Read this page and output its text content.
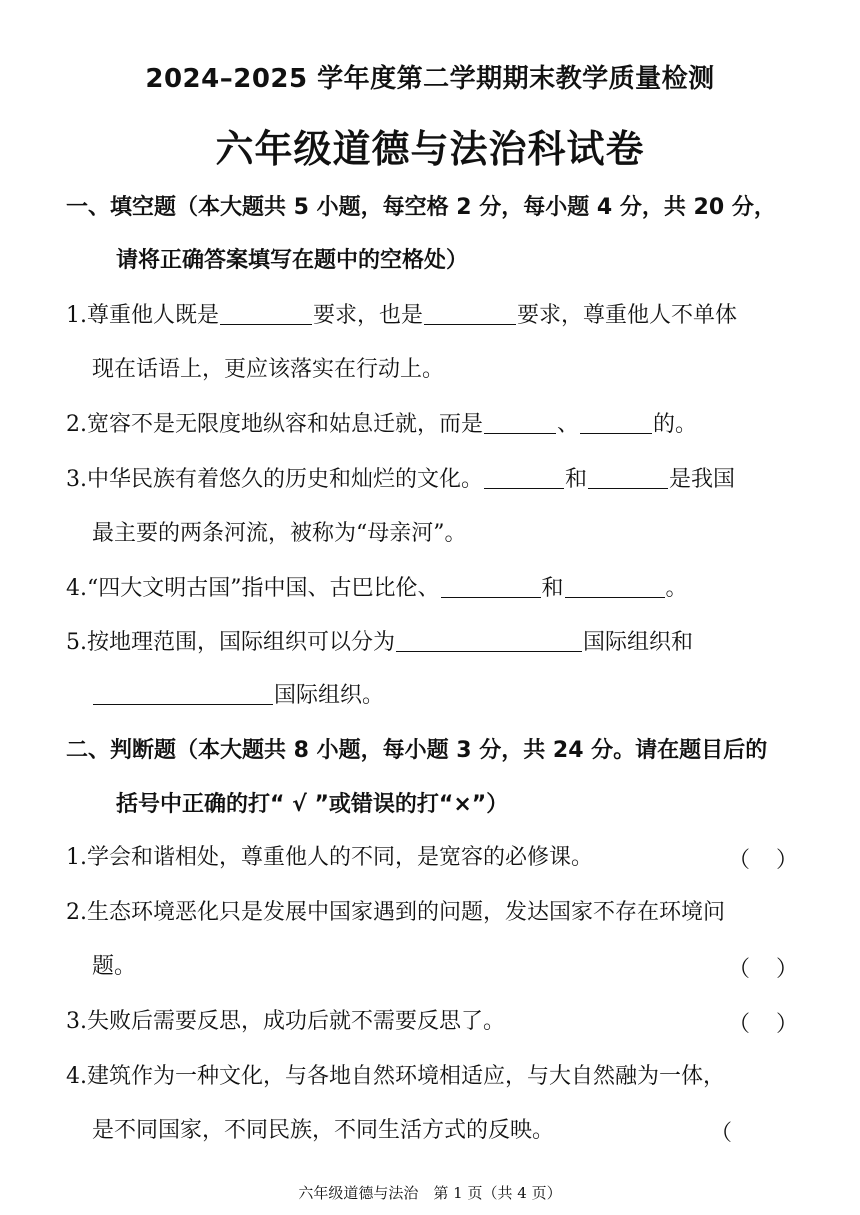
2024–2025 学年度第二学期期末教学质量检测
六年级道德与法治科试卷
一、填空题（本大题共 5 小题，每空格 2 分，每小题 4 分，共 20 分，
请将正确答案填写在题中的空格处）
1.尊重他人既是	要求，也是	要求，尊重他人不单体
现在话语上，更应该落实在行动上。
2.宽容不是无限度地纵容和姑息迁就，而是	、	的。
3.中华民族有着悠久的历史和灿烂的文化。	和	是我国
最主要的两条河流，被称为“母亲河”。
4.“四大文明古国”指中国、古巴比伦、	和	。
5.按地理范围，国际组织可以分为	国际组织和
国际组织。
二、判断题（本大题共 8 小题，每小题 3 分，共 24 分。请在题目后的
括号中正确的打“ √ ”或错误的打“×”）
1.学会和谐相处，尊重他人的不同，是宽容的必修课。	（ ）
2.生态环境恶化只是发展中国家遇到的问题，发达国家不存在环境问
题。	（ ）
3.失败后需要反思，成功后就不需要反思了。	（ ）
4.建筑作为一种文化，与各地自然环境相适应，与大自然融为一体，
是不同国家，不同民族，不同生活方式的反映。	（
六年级道德与法治　第 1 页（共 4 页）
